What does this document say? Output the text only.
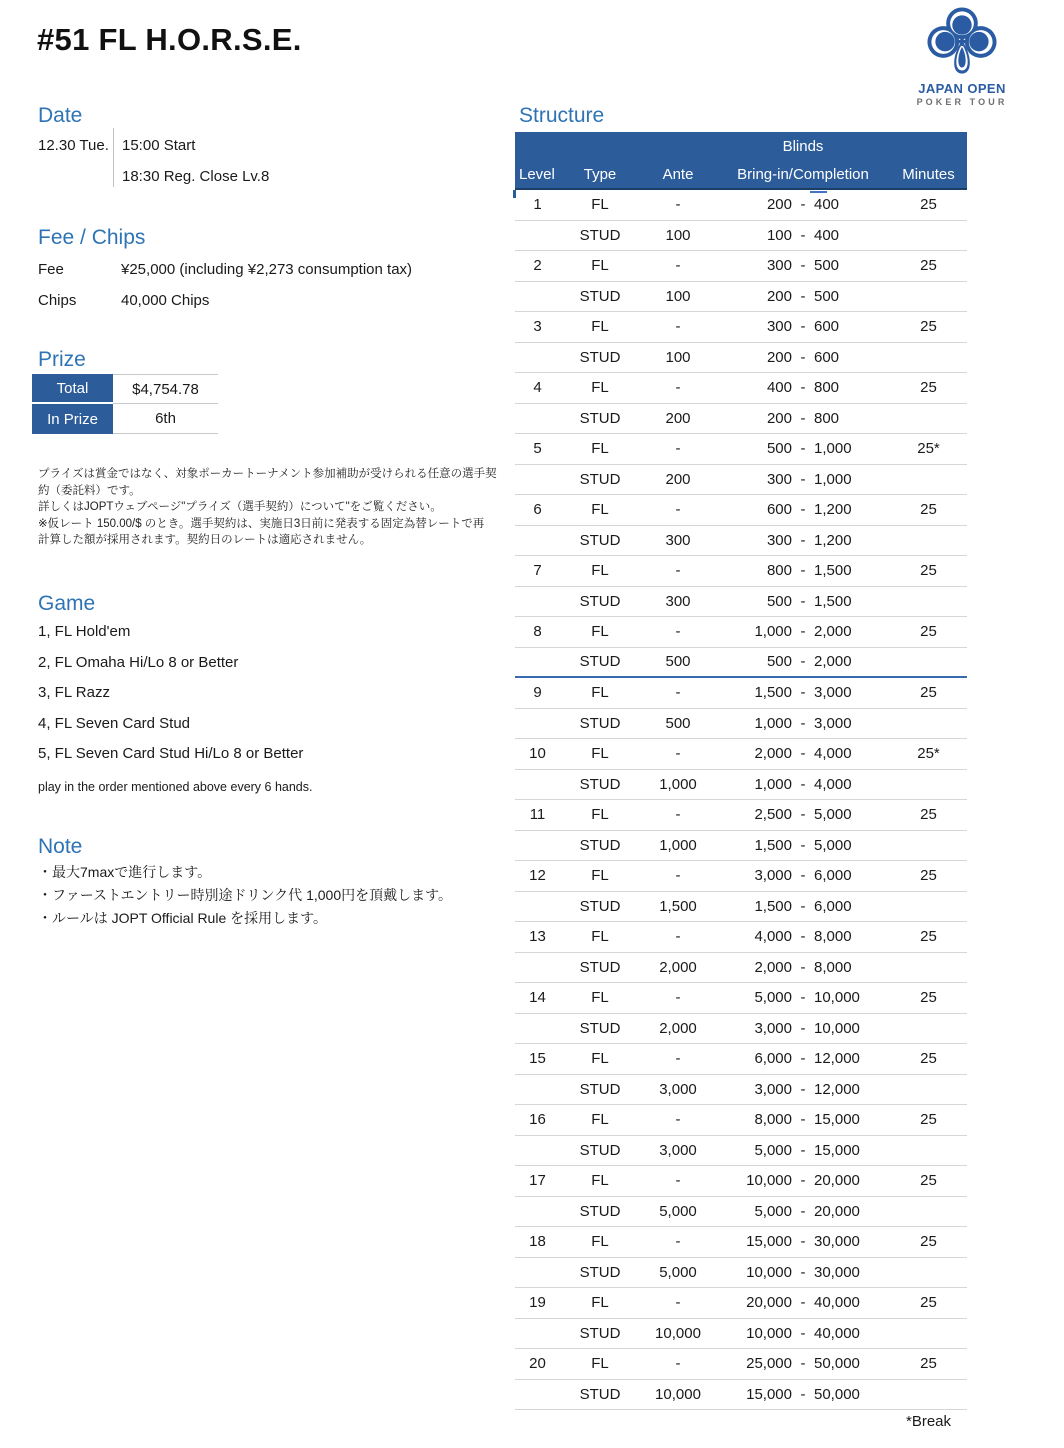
#51 FL H.O.R.S.E.
JAPAN OPEN
POKER TOUR
Date
12.30 Tue. 15:00 Start
18:30 Reg. Close Lv.8
Fee / Chips
Fee	¥25,000 (including ¥2,273 consumption tax)
Chips	40,000 Chips
Prize
Total	$4,754.78
In Prize	6th
プライズは賞金ではなく、対象ポーカートーナメント参加補助が受けられる任意の選手契
約（委託料）です。
詳しくはJOPTウェブページ"プライズ（選手契約）について"をご覧ください。
※仮レート 150.00/$ のとき。選手契約は、実施日3日前に発表する固定為替レートで再
計算した額が採用されます。契約日のレートは適応されません。
Game
1, FL Hold'em
2, FL Omaha Hi/Lo 8 or Better
3, FL Razz
4, FL Seven Card Stud
5, FL Seven Card Stud Hi/Lo 8 or Better
play in the order mentioned above every 6 hands.
Note
・最大7maxで進行します。
・ファーストエントリー時別途ドリンク代 1,000円を頂戴します。
・ルールは JOPT Official Rule を採用します。
Structure
Blinds
Level	Type	Ante	Bring-in/Completion	Minutes
1	FL	-	200 - 400	25
STUD	100	100 - 400
2	FL	-	300 - 500	25
STUD	100	200 - 500
3	FL	-	300 - 600	25
STUD	100	200 - 600
4	FL	-	400 - 800	25
STUD	200	200 - 800
5	FL	-	500 - 1,000	25*
STUD	200	300 - 1,000
6	FL	-	600 - 1,200	25
STUD	300	300 - 1,200
7	FL	-	800 - 1,500	25
STUD	300	500 - 1,500
8	FL	-	1,000 - 2,000	25
STUD	500	500 - 2,000
9	FL	-	1,500 - 3,000	25
STUD	500	1,000 - 3,000
10	FL	-	2,000 - 4,000	25*
STUD	1,000	1,000 - 4,000
11	FL	-	2,500 - 5,000	25
STUD	1,000	1,500 - 5,000
12	FL	-	3,000 - 6,000	25
STUD	1,500	1,500 - 6,000
13	FL	-	4,000 - 8,000	25
STUD	2,000	2,000 - 8,000
14	FL	-	5,000 - 10,000	25
STUD	2,000	3,000 - 10,000
15	FL	-	6,000 - 12,000	25
STUD	3,000	3,000 - 12,000
16	FL	-	8,000 - 15,000	25
STUD	3,000	5,000 - 15,000
17	FL	-	10,000 - 20,000	25
STUD	5,000	5,000 - 20,000
18	FL	-	15,000 - 30,000	25
STUD	5,000	10,000 - 30,000
19	FL	-	20,000 - 40,000	25
STUD	10,000	10,000 - 40,000
20	FL	-	25,000 - 50,000	25
STUD	10,000	15,000 - 50,000
*Break
